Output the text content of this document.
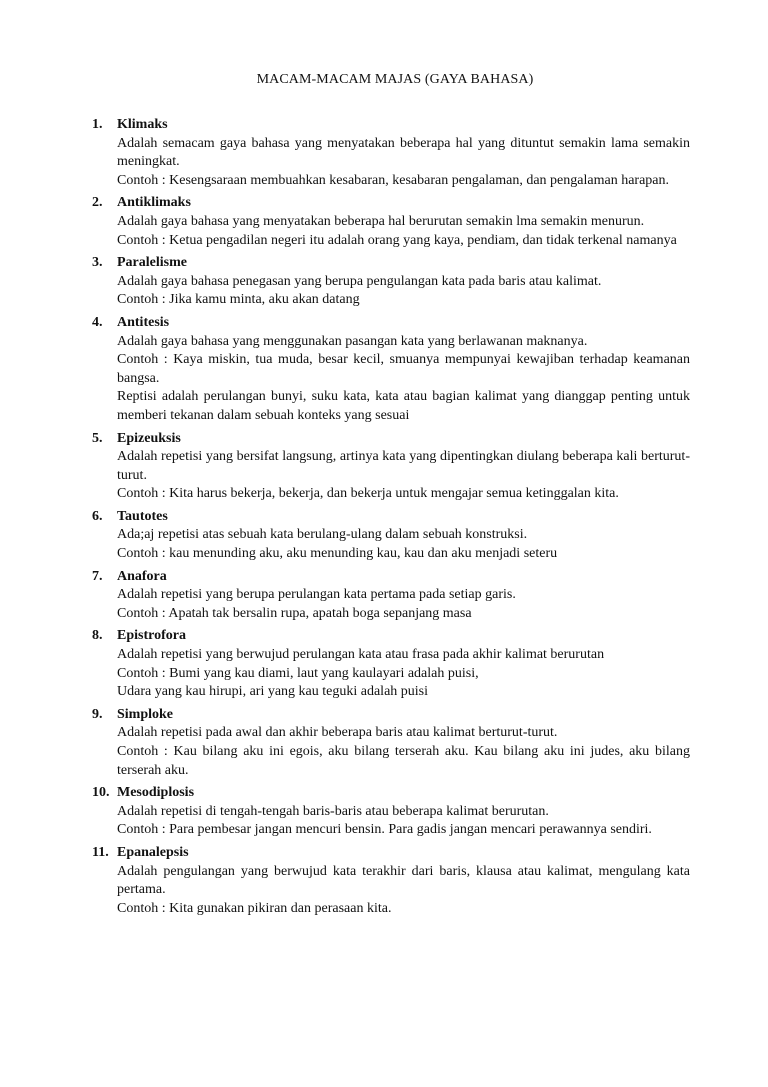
MACAM-MACAM MAJAS (GAYA BAHASA)
1. Klimaks
Adalah semacam gaya bahasa yang menyatakan beberapa hal yang dituntut semakin lama semakin meningkat.
Contoh : Kesengsaraan membuahkan kesabaran, kesabaran pengalaman, dan pengalaman harapan.
2. Antiklimaks
Adalah gaya bahasa yang menyatakan beberapa hal berurutan semakin lma semakin menurun.
Contoh : Ketua pengadilan negeri itu adalah orang yang kaya, pendiam, dan tidak terkenal namanya
3. Paralelisme
Adalah gaya bahasa penegasan yang berupa pengulangan kata pada baris atau kalimat.
Contoh : Jika kamu minta, aku akan datang
4. Antitesis
Adalah gaya bahasa yang menggunakan pasangan kata yang berlawanan maknanya.
Contoh : Kaya miskin, tua muda, besar kecil, smuanya mempunyai kewajiban terhadap keamanan bangsa.
Reptisi adalah perulangan bunyi, suku kata, kata atau bagian kalimat yang dianggap penting untuk memberi tekanan dalam sebuah konteks yang sesuai
5. Epizeuksis
Adalah repetisi yang bersifat langsung, artinya kata yang dipentingkan diulang beberapa kali berturut-turut.
Contoh : Kita harus bekerja, bekerja, dan bekerja untuk mengajar semua ketinggalan kita.
6. Tautotes
Ada;aj repetisi atas sebuah kata berulang-ulang dalam sebuah konstruksi.
Contoh : kau menunding aku, aku menunding kau, kau dan aku menjadi seteru
7. Anafora
Adalah repetisi yang berupa perulangan kata pertama pada setiap garis.
Contoh : Apatah tak bersalin rupa, apatah boga sepanjang masa
8. Epistrofora
Adalah repetisi yang berwujud perulangan kata atau frasa pada akhir kalimat berurutan
Contoh : Bumi yang kau diami, laut yang kaulayari adalah puisi,
Udara yang kau hirupi, ari yang kau teguki adalah puisi
9. Simploke
Adalah repetisi pada awal dan akhir beberapa baris atau kalimat berturut-turut.
Contoh : Kau bilang aku ini egois, aku bilang terserah aku. Kau bilang aku ini judes, aku bilang terserah aku.
10. Mesodiplosis
Adalah repetisi di tengah-tengah baris-baris atau beberapa kalimat berurutan.
Contoh : Para pembesar jangan mencuri bensin. Para gadis jangan mencari perawannya sendiri.
11. Epanalepsis
Adalah pengulangan yang berwujud kata terakhir dari baris, klausa atau kalimat, mengulang kata pertama.
Contoh : Kita gunakan pikiran dan perasaan kita.
